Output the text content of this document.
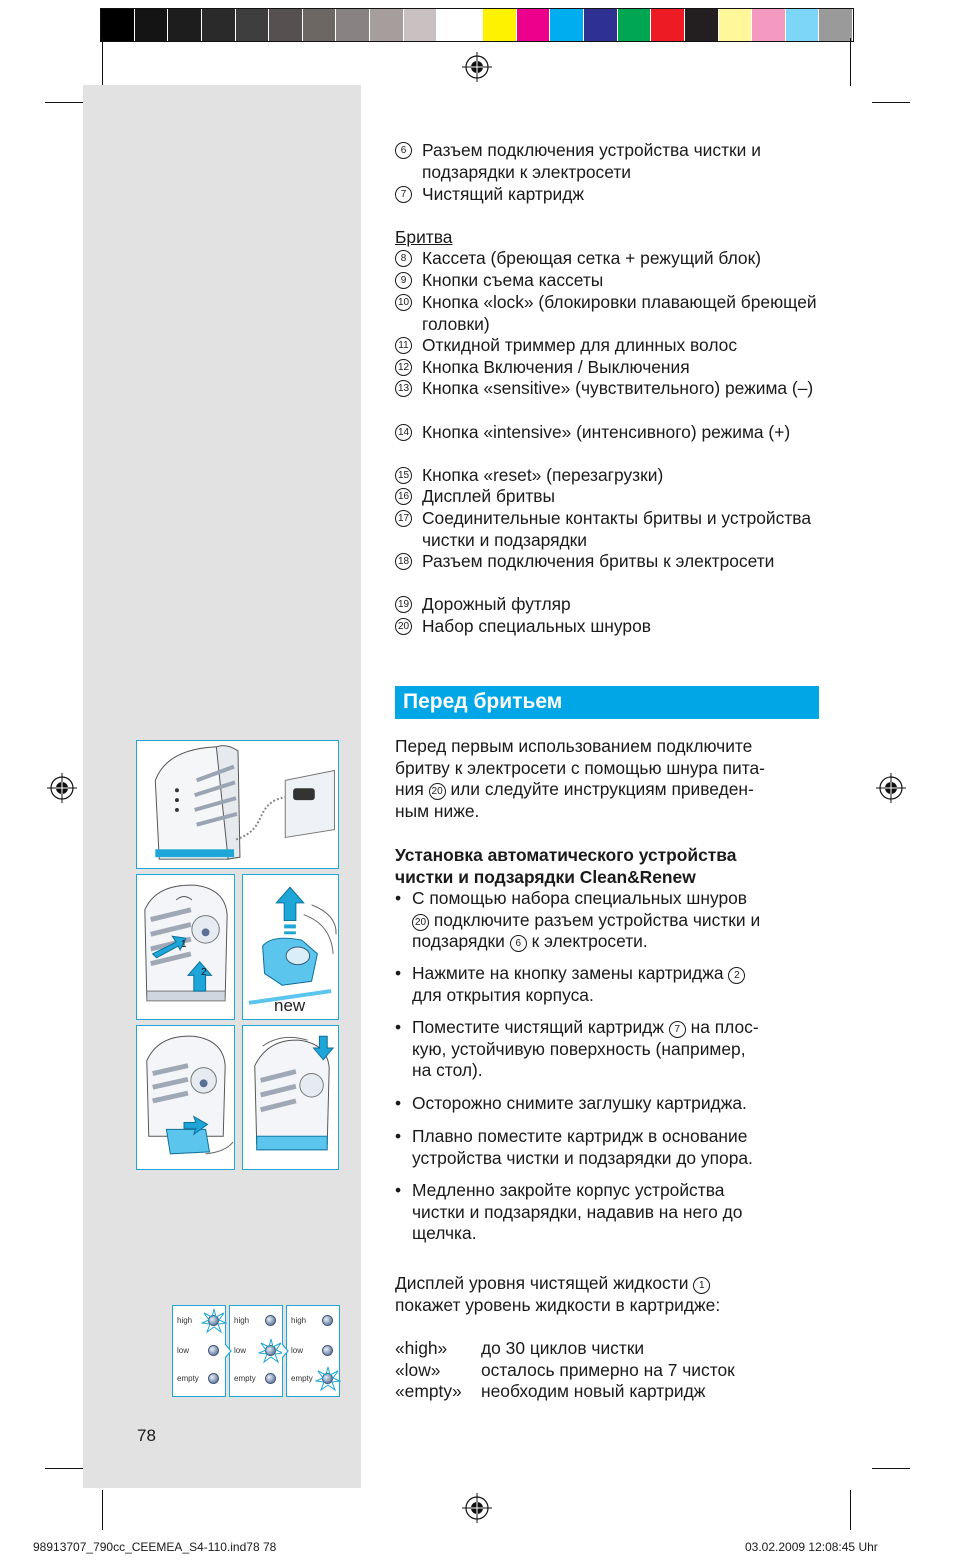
1
2
new
high
low
empty
high
low
empty
high
low
empty
78
6 Разъем подключения устройства чистки и подзарядки к электросети
7 Чистящий картридж
Бритва
8 Кассета (бреющая сетка + режущий блок)
9 Кнопки съема кассеты
10 Кнопка «lock» (блокировки плавающей бреющей головки)
11 Откидной триммер для длинных волос
12 Кнопка Включения / Выключения
13 Кнопка «sensitive» (чувствительного) режима (–)
14 Кнопка «intensive» (интенсивного) режима (+)
15 Кнопка «reset» (перезагрузки)
16 Дисплей бритвы
17 Соединительные контакты бритвы и устройства чистки и подзарядки
18 Разъем подключения бритвы к электросети
19 Дорожный футляр
20 Набор специальных шнуров
Перед бритьем
Перед первым использованием подключите
бритву к электросети с помощью шнура пита-
ния 20 или следуйте инструкциям приведен-
ным ниже.
Установка автоматического устройства
чистки и подзарядки Clean&Renew
• С помощью набора специальных шнуров
20 подключите разъем устройства чистки и
подзарядки 6 к электросети.
• Нажмите на кнопку замены картриджа 2
для открытия корпуса.
• Поместите чистящий картридж 7 на плос-
кую, устойчивую поверхность (например,
на стол).
• Осторожно снимите заглушку картриджа.
• Плавно поместите картридж в основание
устройства чистки и подзарядки до упора.
• Медленно закройте корпус устройства
чистки и подзарядки, надавив на него до
щелчка.
Дисплей уровня чистящей жидкости 1
покажет уровень жидкости в картридже:
«high»	до 30 циклов чистки
«low»	осталось примерно на 7 чисток
«empty»	необходим новый картридж
98913707_790cc_CEEMEA_S4-110.ind78 78	03.02.2009 12:08:45 Uhr
